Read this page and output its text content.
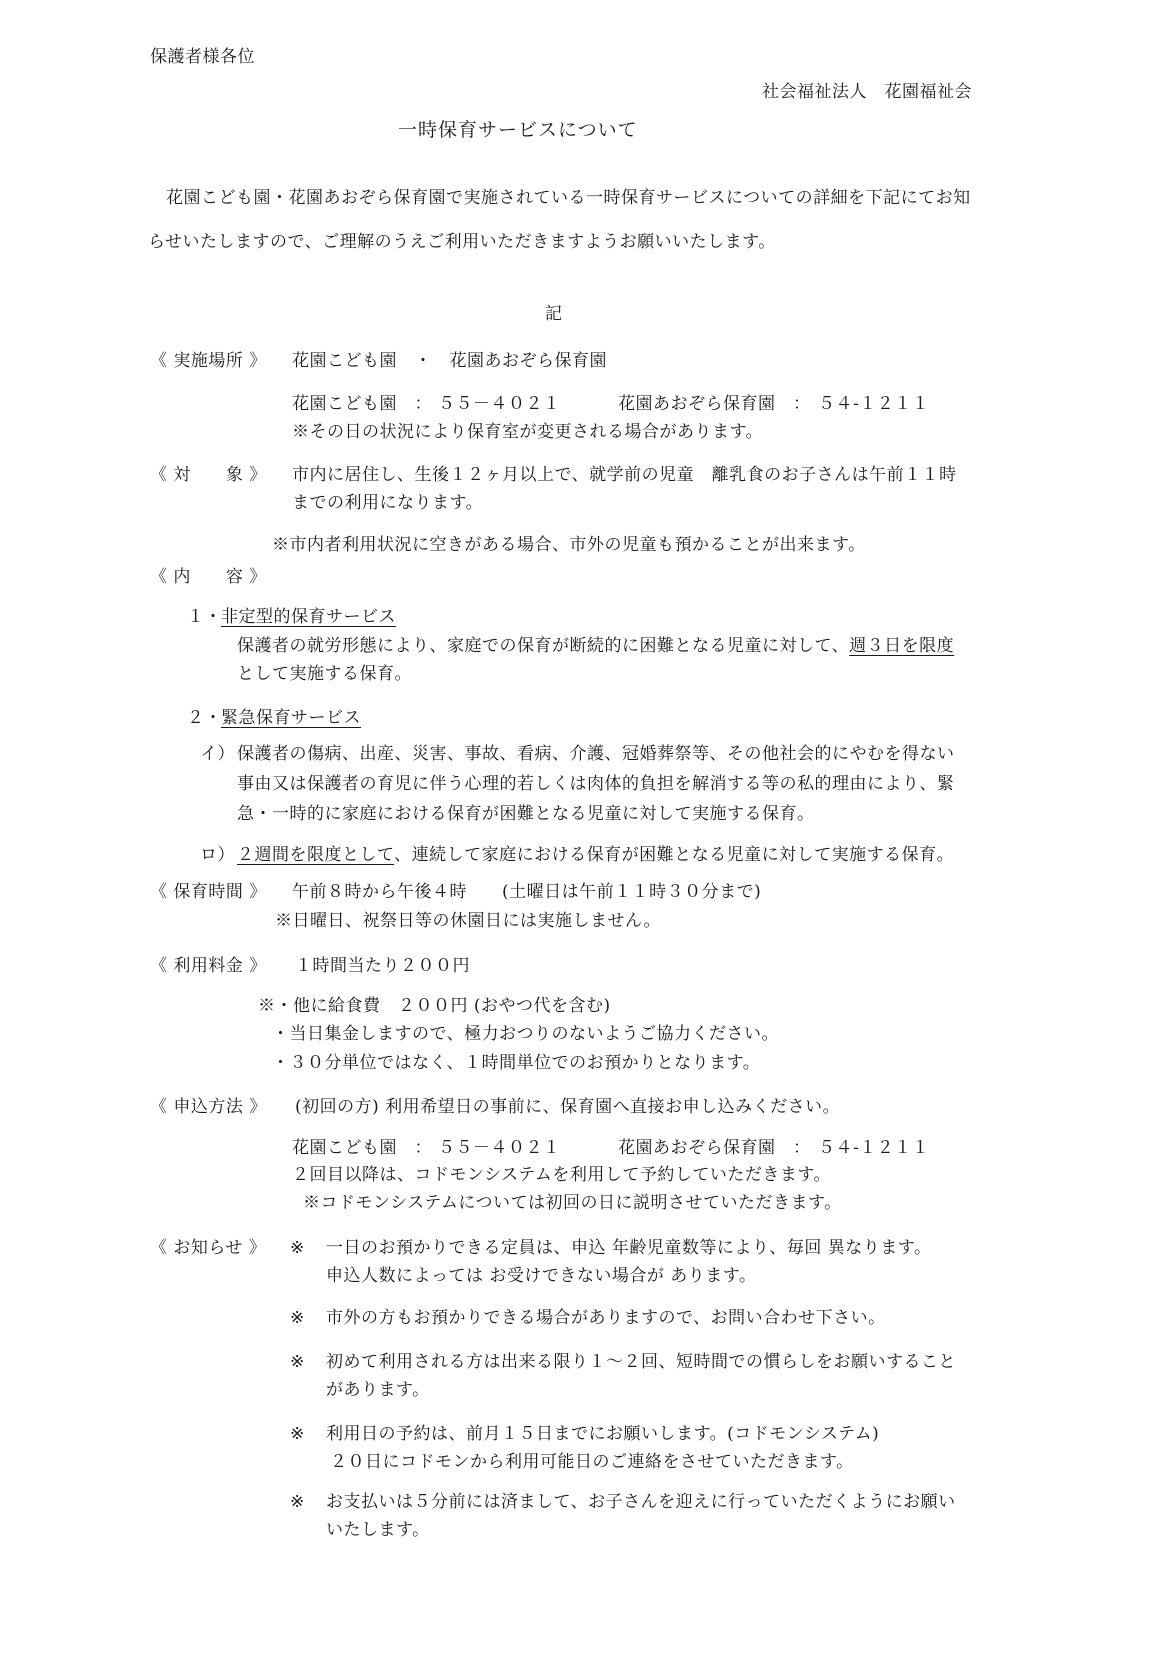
保護者様各位
社会福祉法人　花園福祉会
一時保育サービスについて
花園こども園・花園あおぞら保育園で実施されている一時保育サービスについての詳細を下記にてお知
らせいたしますので、ご理解のうえご利用いただきますようお願いいたします。
記
《 実施場所 》 花園こども園　・　花園あおぞら保育園
花園こども園　： ５５－４０２１	花園あおぞら保育園　： ５４-１２１１
※その日の状況により保育室が変更される場合があります。
《 対　　象 》 市内に居住し、生後１２ヶ月以上で、就学前の児童　離乳食のお子さんは午前１１時
までの利用になります。
※市内者利用状況に空きがある場合、市外の児童も預かることが出来ます。
《 内　　容 》
１・ 非定型的保育サービス
保護者の就労形態により、家庭での保育が断続的に困難となる児童に対して、週３日を限度
として実施する保育。
２・ 緊急保育サービス
イ） 保護者の傷病、出産、災害、事故、看病、介護、冠婚葬祭等、その他社会的にやむを得ない
事由又は保護者の育児に伴う心理的若しくは肉体的負担を解消する等の私的理由により、緊
急・一時的に家庭における保育が困難となる児童に対して実施する保育。
ロ） ２週間を限度として、連続して家庭における保育が困難となる児童に対して実施する保育。
《 保育時間 》 午前８時から午後４時　　(土曜日は午前１１時３０分まで)
※日曜日、祝祭日等の休園日には実施しません。
《 利用料金 》 １時間当たり２００円
※・他に給食費　２００円 (おやつ代を含む)
・当日集金しますので、極力おつりのないようご協力ください。
・３０分単位ではなく、１時間単位でのお預かりとなります。
《 申込方法 》 (初回の方) 利用希望日の事前に、保育園へ直接お申し込みください。
花園こども園　： ５５－４０２１	花園あおぞら保育園　： ５４-１２１１
２回目以降は、コドモンシステムを利用して予約していただきます。
※コドモンシステムについては初回の日に説明させていただきます。
《 お知らせ 》 ※ 一日のお預かりできる定員は、申込 年齢児童数等により、毎回 異なります。
申込人数によっては お受けできない場合が あります。
※ 市外の方もお預かりできる場合がありますので、お問い合わせ下さい。
※ 初めて利用される方は出来る限り１～２回、短時間での慣らしをお願いすること
があります。
※ 利用日の予約は、前月１５日までにお願いします。(コドモンシステム)
２０日にコドモンから利用可能日のご連絡をさせていただきます。
※ お支払いは５分前には済まして、お子さんを迎えに行っていただくようにお願い
いたします。
